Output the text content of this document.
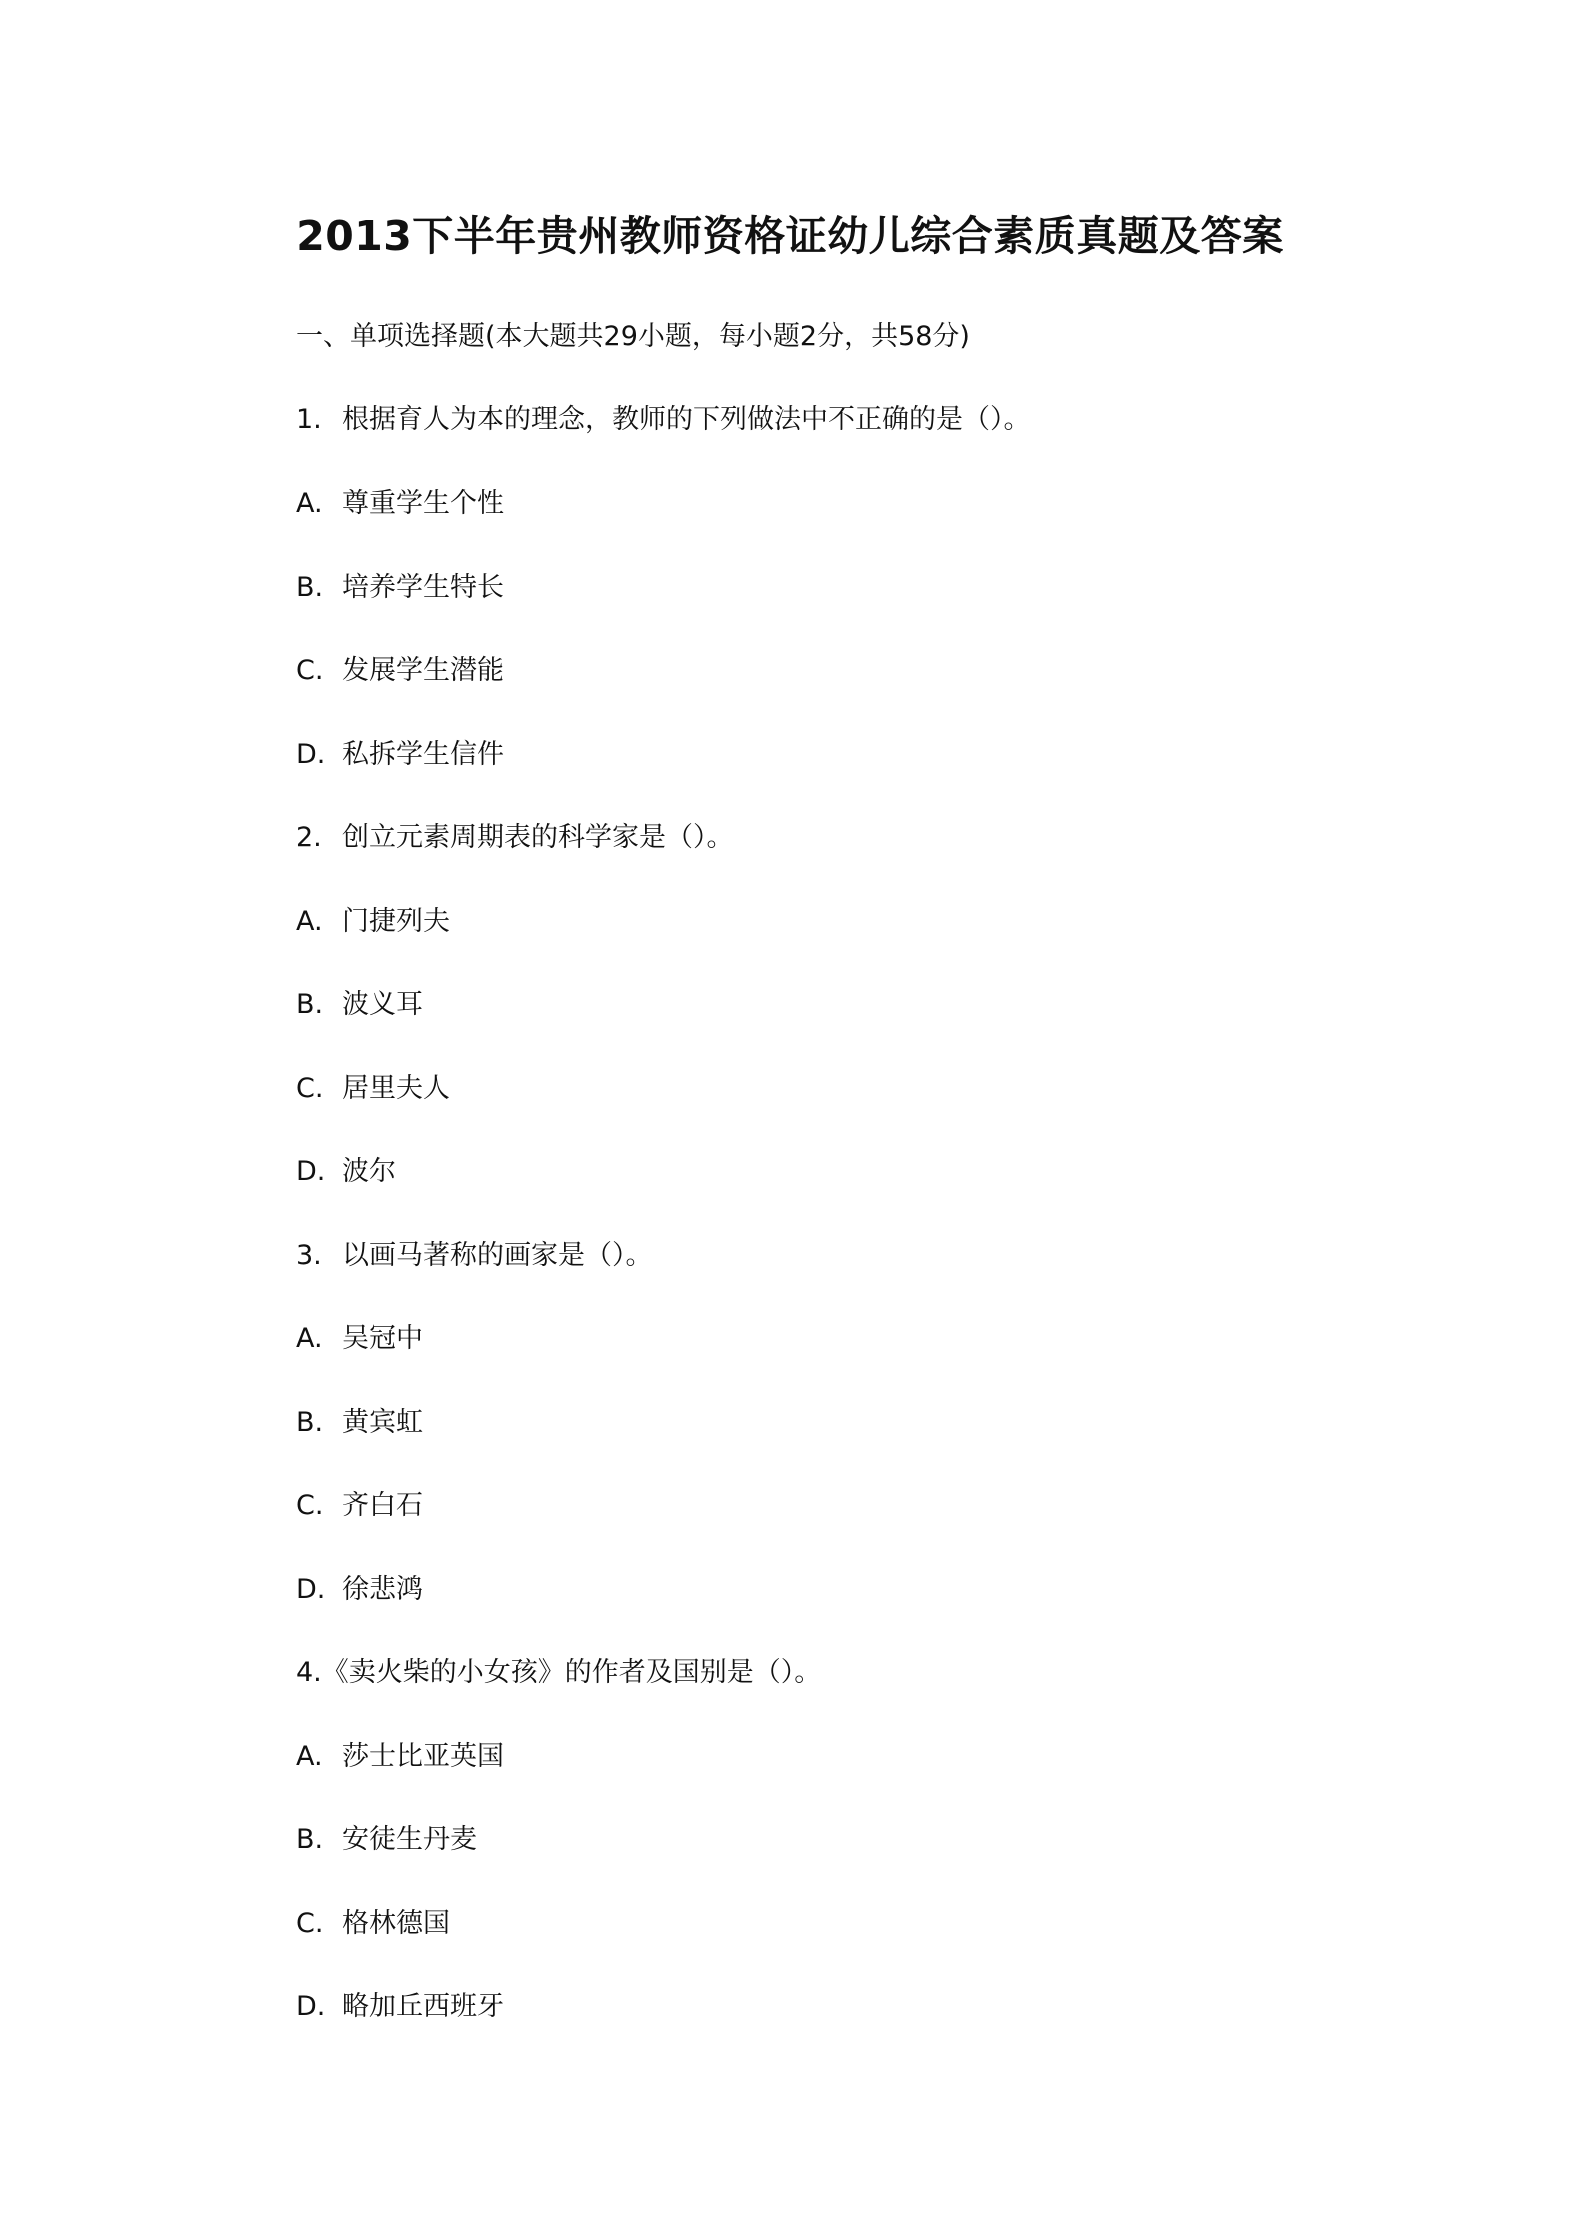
2013下半年贵州教师资格证幼儿综合素质真题及答案
一、单项选择题(本大题共29小题，每小题2分，共58分)
1. 根据育人为本的理念，教师的下列做法中不正确的是（）。
A. 尊重学生个性
B. 培养学生特长
C. 发展学生潜能
D. 私拆学生信件
2. 创立元素周期表的科学家是（）。
A. 门捷列夫
B. 波义耳
C. 居里夫人
D. 波尔
3. 以画马著称的画家是（）。
A. 吴冠中
B. 黄宾虹
C. 齐白石
D. 徐悲鸿
4.《卖火柴的小女孩》的作者及国别是（）。
A. 莎士比亚英国
B. 安徒生丹麦
C. 格林德国
D. 略加丘西班牙
